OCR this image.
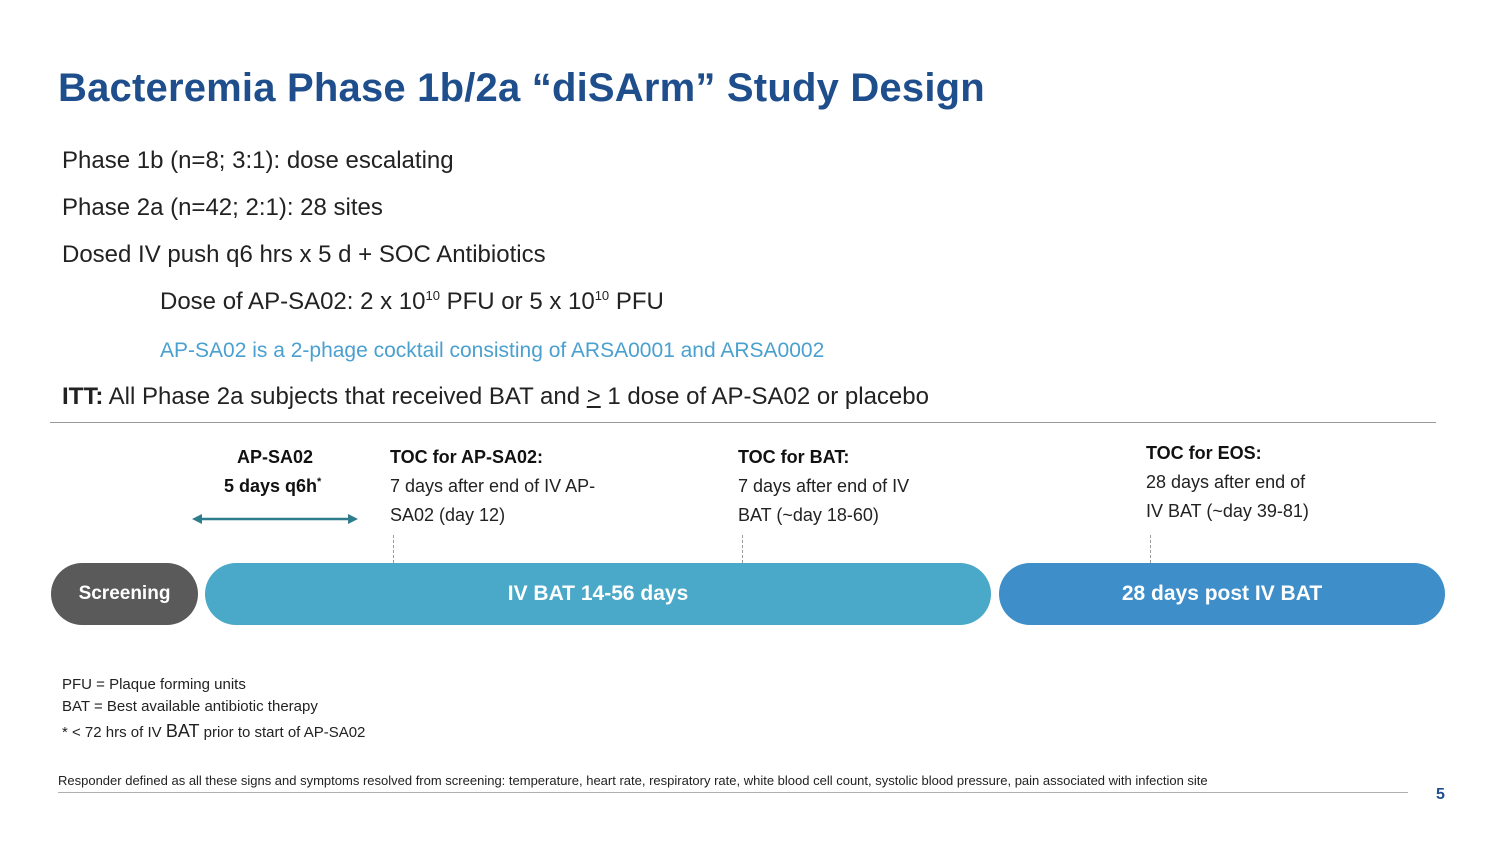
Bacteremia Phase 1b/2a “diSArm” Study Design
Phase 1b (n=8; 3:1): dose escalating
Phase 2a (n=42; 2:1): 28 sites
Dosed IV push q6 hrs x 5 d + SOC Antibiotics
Dose of AP-SA02: 2 x $10^{10}$ PFU or 5 x $10^{10}$ PFU
AP-SA02 is a 2-phage cocktail consisting of ARSA0001 and ARSA0002
ITT: All Phase 2a subjects that received BAT and > 1 dose of AP-SA02 or placebo
AP-SA02
5 days q6h*
TOC for AP-SA02:
7 days after end of IV AP-
SA02 (day 12)
TOC for BAT:
7 days after end of IV
BAT (~day 18-60)
TOC for EOS:
28 days after end of
IV BAT (~day 39-81)
Screening	IV BAT 14-56 days	28 days post IV BAT
PFU = Plaque forming units
BAT = Best available antibiotic therapy
* < 72 hrs of IV BAT prior to start of AP-SA02
Responder defined as all these signs and symptoms resolved from screening: temperature, heart rate, respiratory rate, white blood cell count, systolic blood pressure, pain associated with infection site
5
